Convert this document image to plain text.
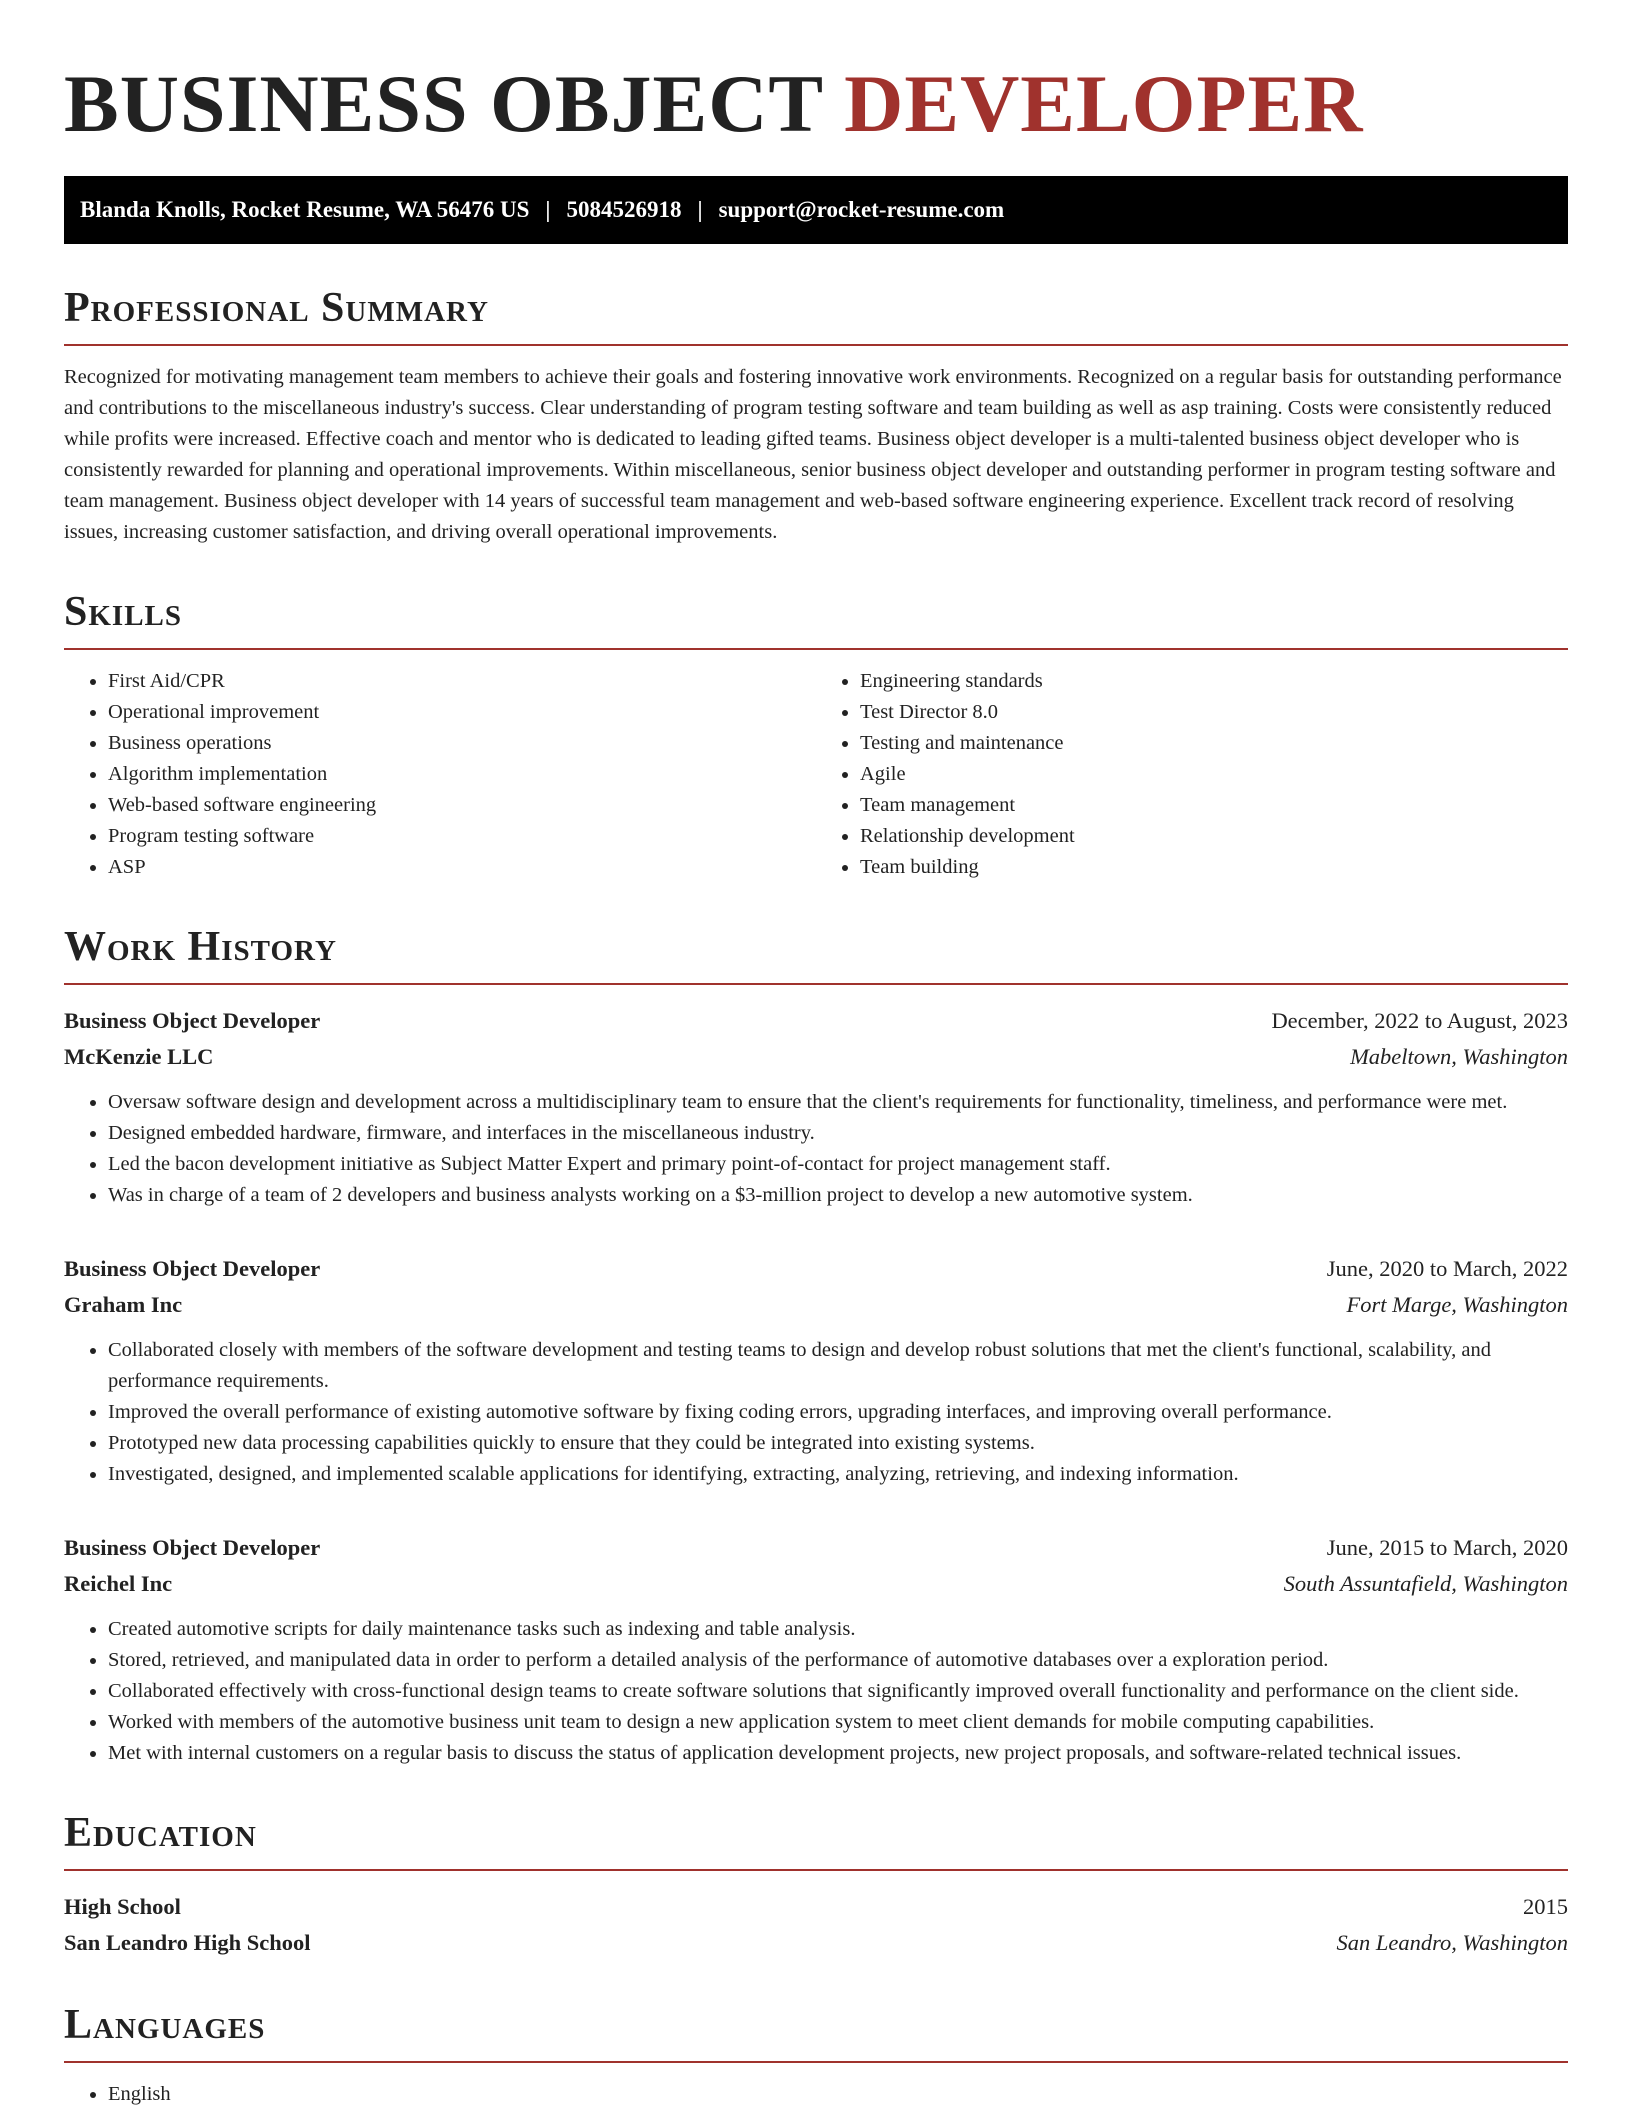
BUSINESS OBJECT DEVELOPER
Blanda Knolls, Rocket Resume, WA 56476 US | 5084526918 | support@rocket-resume.com
Professional Summary

Recognized for motivating management team members to achieve their goals and fostering innovative work environments. Recognized on a regular basis for outstanding performance and contributions to the miscellaneous industry's success. Clear understanding of program testing software and team building as well as asp training. Costs were consistently reduced while profits were increased. Effective coach and mentor who is dedicated to leading gifted teams. Business object developer is a multi-talented business object developer who is consistently rewarded for planning and operational improvements. Within miscellaneous, senior business object developer and outstanding performer in program testing software and team management. Business object developer with 14 years of successful team management and web-based software engineering experience. Excellent track record of resolving issues, increasing customer satisfaction, and driving overall operational improvements.

Skills
• First Aid/CPR
• Operational improvement
• Business operations
• Algorithm implementation
• Web-based software engineering
• Program testing software
• ASP
• Engineering standards
• Test Director 8.0
• Testing and maintenance
• Agile
• Team management
• Relationship development
• Team building
Work History
Business Object Developer	December, 2022 to August, 2023
McKenzie LLC	Mabeltown, Washington
• Oversaw software design and development across a multidisciplinary team to ensure that the client's requirements for functionality, timeliness, and performance were met.
• Designed embedded hardware, firmware, and interfaces in the miscellaneous industry.
• Led the bacon development initiative as Subject Matter Expert and primary point-of-contact for project management staff.
• Was in charge of a team of 2 developers and business analysts working on a $3-million project to develop a new automotive system.
Business Object Developer	June, 2020 to March, 2022
Graham Inc	Fort Marge, Washington
• Collaborated closely with members of the software development and testing teams to design and develop robust solutions that met the client's functional, scalability, and performance requirements.
• Improved the overall performance of existing automotive software by fixing coding errors, upgrading interfaces, and improving overall performance.
• Prototyped new data processing capabilities quickly to ensure that they could be integrated into existing systems.
• Investigated, designed, and implemented scalable applications for identifying, extracting, analyzing, retrieving, and indexing information.
Business Object Developer	June, 2015 to March, 2020
Reichel Inc	South Assuntafield, Washington
• Created automotive scripts for daily maintenance tasks such as indexing and table analysis.
• Stored, retrieved, and manipulated data in order to perform a detailed analysis of the performance of automotive databases over a exploration period.
• Collaborated effectively with cross-functional design teams to create software solutions that significantly improved overall functionality and performance on the client side.
• Worked with members of the automotive business unit team to design a new application system to meet client demands for mobile computing capabilities.
• Met with internal customers on a regular basis to discuss the status of application development projects, new project proposals, and software-related technical issues.
Education
High School	2015
San Leandro High School	San Leandro, Washington
Languages
• English
